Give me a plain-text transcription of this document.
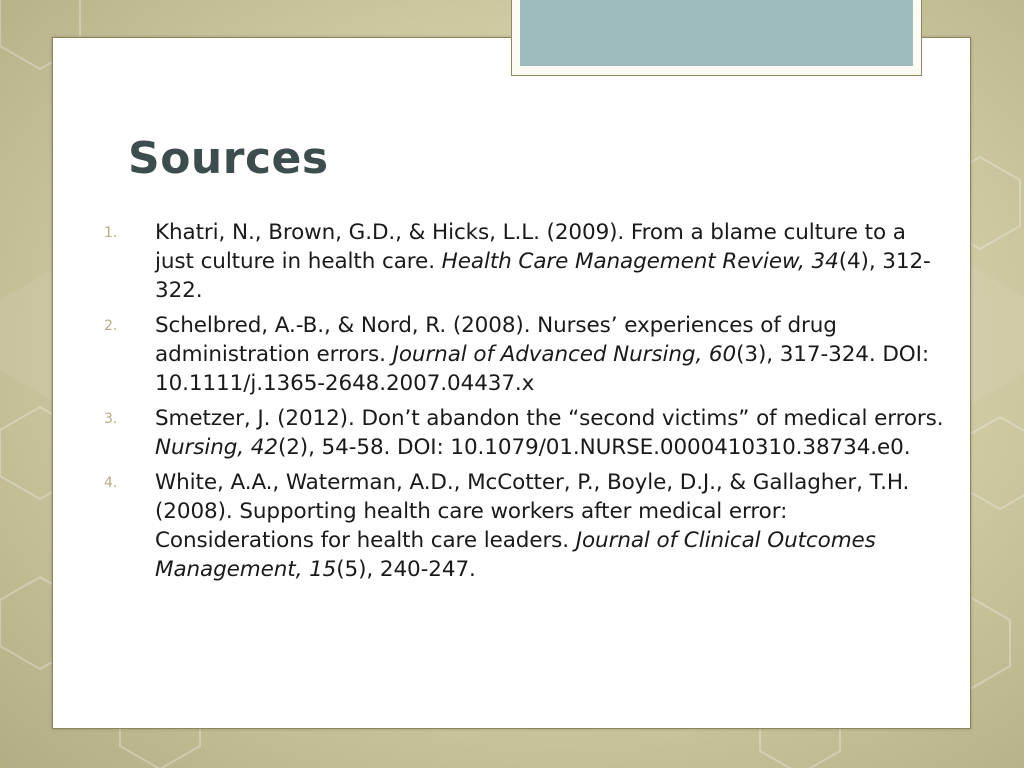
Sources
1. Khatri, N., Brown, G.D., & Hicks, L.L. (2009). From a blame culture to a just culture in health care. Health Care Management Review, 34(4), 312-322.
2. Schelbred, A.-B., & Nord, R. (2008). Nurses’ experiences of drug administration errors. Journal of Advanced Nursing, 60(3), 317-324. DOI: 10.1111/j.1365-2648.2007.04437.x
3. Smetzer, J. (2012). Don’t abandon the “second victims” of medical errors. Nursing, 42(2), 54-58. DOI: 10.1079/01.NURSE.0000410310.38734.e0.
4. White, A.A., Waterman, A.D., McCotter, P., Boyle, D.J., & Gallagher, T.H. (2008). Supporting health care workers after medical error: Considerations for health care leaders. Journal of Clinical Outcomes Management, 15(5), 240-247.
